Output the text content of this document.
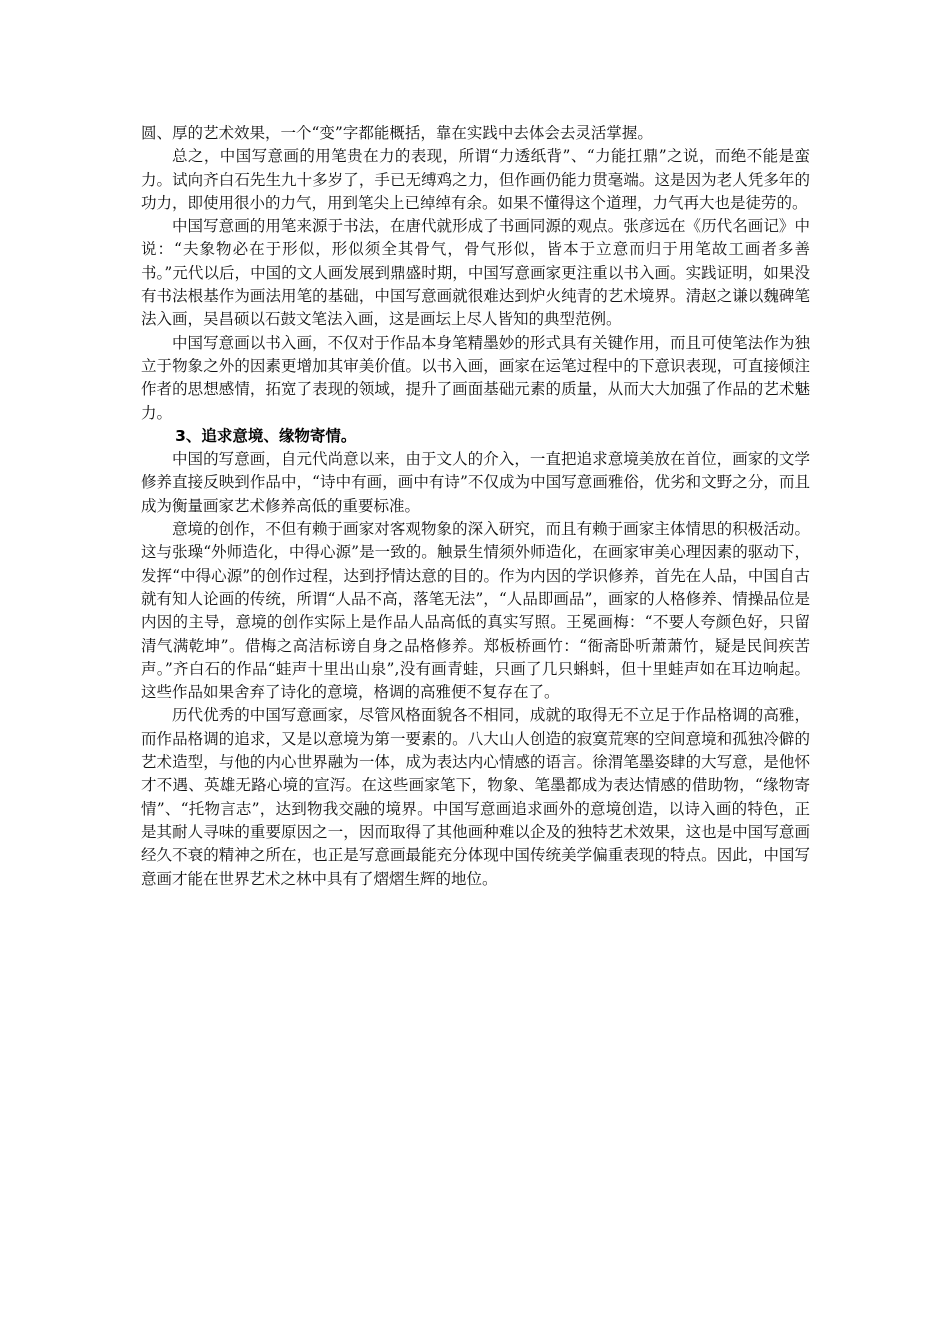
圆、厚的艺术效果，一个“变”字都能概括，靠在实践中去体会去灵活掌握。

总之，中国写意画的用笔贵在力的表现，所谓“力透纸背”、“力能扛鼎”之说，而绝不能是蛮力。试向齐白石先生九十多岁了，手已无缚鸡之力，但作画仍能力贯毫端。这是因为老人凭多年的功力，即使用很小的力气，用到笔尖上已绰绰有余。如果不懂得这个道理，力气再大也是徒劳的。

中国写意画的用笔来源于书法，在唐代就形成了书画同源的观点。张彦远在《历代名画记》中说：“夫象物必在于形似，形似须全其骨气，骨气形似，皆本于立意而归于用笔故工画者多善书。”元代以后，中国的文人画发展到鼎盛时期，中国写意画家更注重以书入画。实践证明，如果没有书法根基作为画法用笔的基础，中国写意画就很难达到炉火纯青的艺术境界。清赵之谦以魏碑笔法入画，吴昌硕以石鼓文笔法入画，这是画坛上尽人皆知的典型范例。

中国写意画以书入画，不仅对于作品本身笔精墨妙的形式具有关键作用，而且可使笔法作为独立于物象之外的因素更增加其审美价值。以书入画，画家在运笔过程中的下意识表现，可直接倾注作者的思想感情，拓宽了表现的领域，提升了画面基础元素的质量，从而大大加强了作品的艺术魅力。

3、追求意境、缘物寄情。

中国的写意画，自元代尚意以来，由于文人的介入，一直把追求意境美放在首位，画家的文学修养直接反映到作品中，“诗中有画，画中有诗”不仅成为中国写意画雅俗，优劣和文野之分，而且成为衡量画家艺术修养高低的重要标准。

意境的创作，不但有赖于画家对客观物象的深入研究，而且有赖于画家主体情思的积极活动。这与张璪“外师造化，中得心源”是一致的。触景生情须外师造化，在画家审美心理因素的驱动下，发挥“中得心源”的创作过程，达到抒情达意的目的。作为内因的学识修养，首先在人品，中国自古就有知人论画的传统，所谓“人品不高，落笔无法”，“人品即画品”，画家的人格修养、情操品位是内因的主导，意境的创作实际上是作品人品高低的真实写照。王冕画梅：“不要人夸颜色好，只留清气满乾坤”。借梅之高洁标谤自身之品格修养。郑板桥画竹：“衙斋卧听萧萧竹，疑是民间疾苦声。”齐白石的作品“蛙声十里出山泉”,没有画青蛙，只画了几只蝌蚪，但十里蛙声如在耳边响起。这些作品如果舍弃了诗化的意境，格调的高雅便不复存在了。

历代优秀的中国写意画家，尽管风格面貌各不相同，成就的取得无不立足于作品格调的高雅，而作品格调的追求，又是以意境为第一要素的。八大山人创造的寂寞荒寒的空间意境和孤独冷僻的艺术造型，与他的内心世界融为一体，成为表达内心情感的语言。徐渭笔墨姿肆的大写意，是他怀才不遇、英雄无路心境的宣泻。在这些画家笔下，物象、笔墨都成为表达情感的借助物，“缘物寄情”、“托物言志”，达到物我交融的境界。中国写意画追求画外的意境创造，以诗入画的特色，正是其耐人寻味的重要原因之一，因而取得了其他画种难以企及的独特艺术效果，这也是中国写意画经久不衰的精神之所在，也正是写意画最能充分体现中国传统美学偏重表现的特点。因此，中国写意画才能在世界艺术之林中具有了熠熠生辉的地位。
